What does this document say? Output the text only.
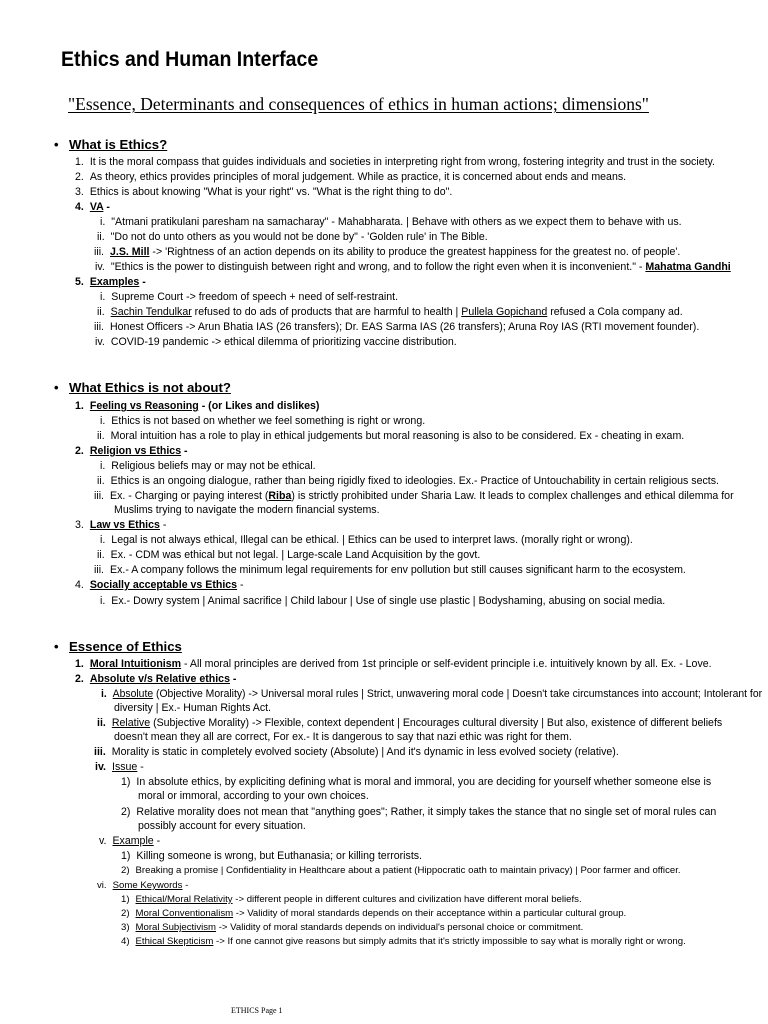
Ethics and Human Interface
"Essence, Determinants and consequences of ethics in human actions; dimensions"
• What is Ethics?
1. It is the moral compass that guides individuals and societies in interpreting right from wrong, fostering integrity and trust in the society.
2. As theory, ethics provides principles of moral judgement. While as practice, it is concerned about ends and means.
3. Ethics is about knowing "What is your right" vs. "What is the right thing to do".
4. VA -
i. "Atmani pratikulani paresham na samacharay" - Mahabharata. | Behave with others as we expect them to behave with us.
ii. "Do not do unto others as you would not be done by" - 'Golden rule' in The Bible.
iii. J.S. Mill -> 'Rightness of an action depends on its ability to produce the greatest happiness for the greatest no. of people'.
iv. "Ethics is the power to distinguish between right and wrong, and to follow the right even when it is inconvenient." - Mahatma Gandhi
5. Examples -
i. Supreme Court -> freedom of speech + need of self-restraint.
ii. Sachin Tendulkar refused to do ads of products that are harmful to health | Pullela Gopichand refused a Cola company ad.
iii. Honest Officers -> Arun Bhatia IAS (26 transfers); Dr. EAS Sarma IAS (26 transfers); Aruna Roy IAS (RTI movement founder).
iv. COVID-19 pandemic -> ethical dilemma of prioritizing vaccine distribution.
• What Ethics is not about?
1. Feeling vs Reasoning - (or Likes and dislikes)
i. Ethics is not based on whether we feel something is right or wrong.
ii. Moral intuition has a role to play in ethical judgements but moral reasoning is also to be considered. Ex - cheating in exam.
2. Religion vs Ethics -
i. Religious beliefs may or may not be ethical.
ii. Ethics is an ongoing dialogue, rather than being rigidly fixed to ideologies. Ex.- Practice of Untouchability in certain religious sects.
iii. Ex. - Charging or paying interest (Riba) is strictly prohibited under Sharia Law. It leads to complex challenges and ethical dilemma for
Muslims trying to navigate the modern financial systems.
3. Law vs Ethics -
i. Legal is not always ethical, Illegal can be ethical. | Ethics can be used to interpret laws. (morally right or wrong).
ii. Ex. - CDM was ethical but not legal. | Large-scale Land Acquisition by the govt.
iii. Ex.- A company follows the minimum legal requirements for env pollution but still causes significant harm to the ecosystem.
4. Socially acceptable vs Ethics -
i. Ex.- Dowry system | Animal sacrifice | Child labour | Use of single use plastic | Bodyshaming, abusing on social media.
• Essence of Ethics
1. Moral Intuitionism - All moral principles are derived from 1st principle or self-evident principle i.e. intuitively known by all. Ex. - Love.
2. Absolute v/s Relative ethics -
i. Absolute (Objective Morality) -> Universal moral rules | Strict, unwavering moral code | Doesn't take circumstances into account; Intolerant for
diversity | Ex.- Human Rights Act.
ii. Relative (Subjective Morality) -> Flexible, context dependent | Encourages cultural diversity | But also, existence of different beliefs
doesn't mean they all are correct, For ex.- It is dangerous to say that nazi ethic was right for them.
iii. Morality is static in completely evolved society (Absolute) | And it's dynamic in less evolved society (relative).
iv. Issue -
1) In absolute ethics, by expliciting defining what is moral and immoral, you are deciding for yourself whether someone else is
moral or immoral, according to your own choices.
2) Relative morality does not mean that "anything goes"; Rather, it simply takes the stance that no single set of moral rules can
possibly account for every situation.
v. Example -
1) Killing someone is wrong, but Euthanasia; or killing terrorists.
2) Breaking a promise | Confidentiality in Healthcare about a patient (Hippocratic oath to maintain privacy) | Poor farmer and officer.
vi. Some Keywords -
1) Ethical/Moral Relativity -> different people in different cultures and civilization have different moral beliefs.
2) Moral Conventionalism -> Validity of moral standards depends on their acceptance within a particular cultural group.
3) Moral Subjectivism -> Validity of moral standards depends on individual's personal choice or commitment.
4) Ethical Skepticism -> If one cannot give reasons but simply admits that it's strictly impossible to say what is morally right or wrong.
ETHICS Page 1
